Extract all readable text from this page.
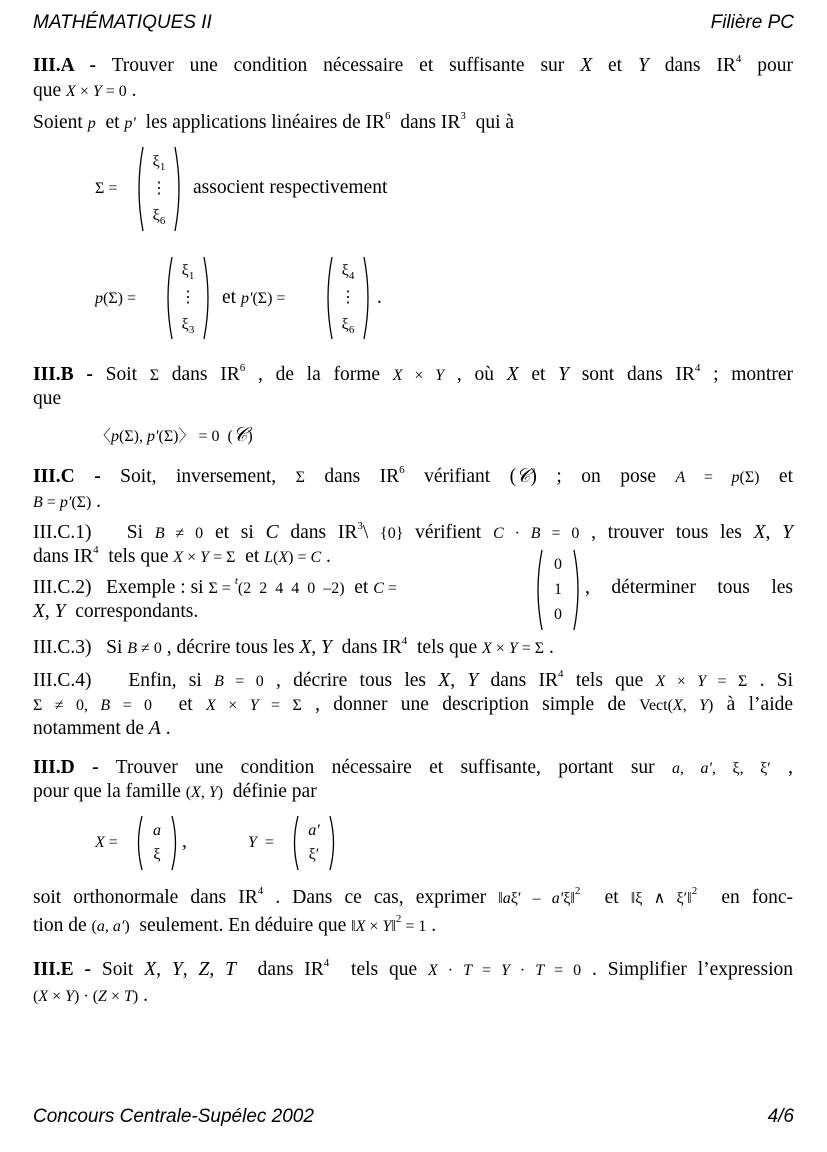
MATHÉMATIQUES II	Filière PC
III.A - Trouver une condition nécessaire et suffisante sur X et Y dans $IR^4$ pour
que X × Y = 0 .
Soient p  et p′  les applications linéaires de $IR^6$  dans $IR^3$  qui à
Σ =
$\xi_1$
⋮
$\xi_6$
associent respectivement
p(Σ) =
$\xi_1$
⋮
$\xi_3$
et p′(Σ) =
$\xi_4$
⋮
$\xi_6$
.
III.B - Soit Σ dans $IR^6$ , de la forme X × Y , où X et Y sont dans $IR^4$ ; montrer
que
〈p(Σ), p′(Σ)〉 = 0  (𝒞)
III.C - Soit, inversement, Σ dans $IR^6$ vérifiant (𝒞) ; on pose A = p(Σ) et
B = p′(Σ) .
III.C.1)   Si B ≠ 0 et si C dans $IR^3\backslash$ {0} vérifient C · B = 0 , trouver tous les X, Y
dans $IR^4$  tels que X × Y = Σ  et L(X) = C .
III.C.2)   Exemple : si Σ = $^t$(2  2  4  4  0  –2)  et C =
0
1
0
, déterminer tous les
X, Y  correspondants.
III.C.3)   Si B ≠ 0 , décrire tous les X, Y  dans $IR^4$  tels que X × Y = Σ .
III.C.4)   Enfin, si B = 0 , décrire tous les X, Y dans $IR^4$ tels que X × Y = Σ . Si
Σ ≠ 0, B = 0  et X × Y = Σ , donner une description simple de Vect(X, Y) à l’aide
notamment de A .
III.D - Trouver une condition nécessaire et suffisante, portant sur a, a′, ξ, ξ′ ,
pour que la famille (X, Y)  définie par
X =
a
ξ
,	Y  =
a′
ξ′
soit orthonormale dans $IR^4$ . Dans ce cas, exprimer ‖aξ′ – a′ξ‖$^2$  et ‖ξ ∧ ξ′‖$^2$  en fonc-
tion de (a, a′)  seulement. En déduire que ‖X × Y‖$^2$ = 1 .
III.E - Soit X, Y, Z, T  dans $IR^4$  tels que X · T = Y · T = 0 . Simplifier l’expression
(X × Y) · (Z × T) .
Concours Centrale-Supélec 2002	4/6
